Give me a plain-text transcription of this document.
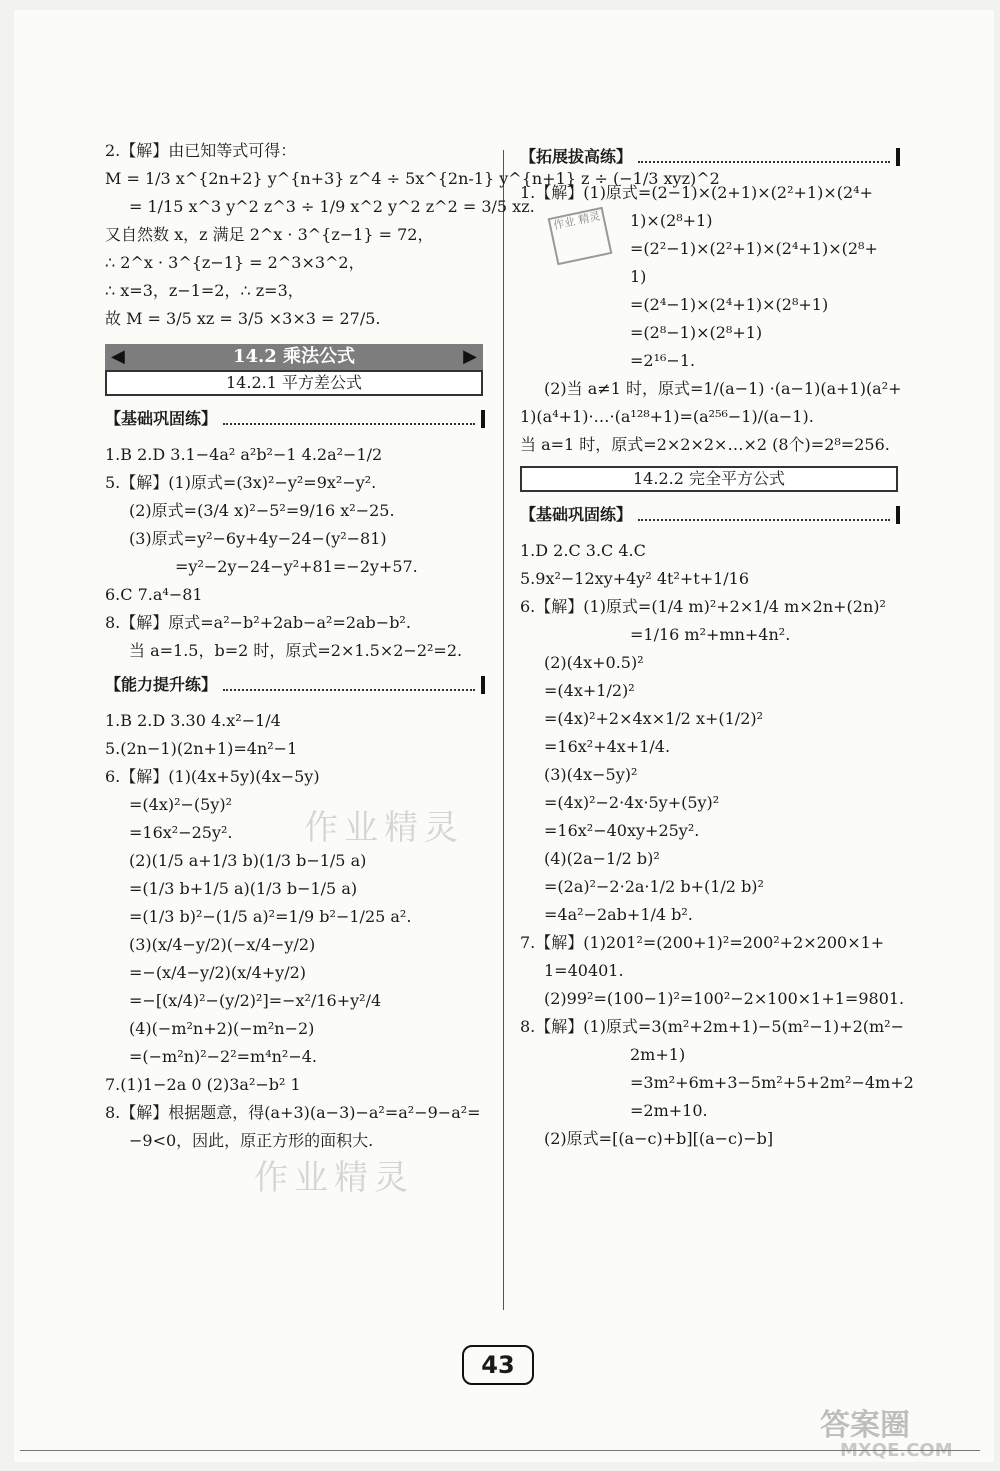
作业精灵
作业精灵
2.【解】由已知等式可得：
M = 1/3 x^{2n+2} y^{n+3} z^4 ÷ 5x^{2n-1} y^{n+1} z ÷ (−1/3 xyz)^2
= 1/15 x^3 y^2 z^3 ÷ 1/9 x^2 y^2 z^2 = 3/5 xz.
又自然数 x，z 满足 2^x · 3^{z−1} = 72，
∴ 2^x · 3^{z−1} = 2^3×3^2，
∴ x=3，z−1=2，∴ z=3，
故 M = 3/5 xz = 3/5 ×3×3 = 27/5.
◀	14.2 乘法公式	▶
14.2.1 平方差公式
【基础巩固练】
1.B 2.D 3.1−4a² a²b²−1 4.2a²−1/2
5.【解】(1)原式=(3x)²−y²=9x²−y².
(2)原式=(3/4 x)²−5²=9/16 x²−25.
(3)原式=y²−6y+4y−24−(y²−81)
=y²−2y−24−y²+81=−2y+57.
6.C 7.a⁴−81
8.【解】原式=a²−b²+2ab−a²=2ab−b².
当 a=1.5，b=2 时，原式=2×1.5×2−2²=2.
【能力提升练】
1.B 2.D 3.30 4.x²−1/4
5.(2n−1)(2n+1)=4n²−1
6.【解】(1)(4x+5y)(4x−5y)
=(4x)²−(5y)²
=16x²−25y².
(2)(1/5 a+1/3 b)(1/3 b−1/5 a)
=(1/3 b+1/5 a)(1/3 b−1/5 a)
=(1/3 b)²−(1/5 a)²=1/9 b²−1/25 a².
(3)(x/4−y/2)(−x/4−y/2)
=−(x/4−y/2)(x/4+y/2)
=−[(x/4)²−(y/2)²]=−x²/16+y²/4
(4)(−m²n+2)(−m²n−2)
=(−m²n)²−2²=m⁴n²−4.
7.(1)1−2a 0 (2)3a²−b² 1
8.【解】根据题意，得(a+3)(a−3)−a²=a²−9−a²=
−9<0，因此，原正方形的面积大.
【拓展拔高练】
1.【解】(1)原式=(2−1)×(2+1)×(2²+1)×(2⁴+
1)×(2⁸+1)
=(2²−1)×(2²+1)×(2⁴+1)×(2⁸+
1)
=(2⁴−1)×(2⁴+1)×(2⁸+1)
=(2⁸−1)×(2⁸+1)
=2¹⁶−1.
(2)当 a≠1 时，原式=1/(a−1) ·(a−1)(a+1)(a²+
1)(a⁴+1)·…·(a¹²⁸+1)=(a²⁵⁶−1)/(a−1).
当 a=1 时，原式=2×2×2×…×2 (8个)=2⁸=256.
14.2.2 完全平方公式
【基础巩固练】
1.D 2.C 3.C 4.C
5.9x²−12xy+4y² 4t²+t+1/16
6.【解】(1)原式=(1/4 m)²+2×1/4 m×2n+(2n)²
=1/16 m²+mn+4n².
(2)(4x+0.5)²
=(4x+1/2)²
=(4x)²+2×4x×1/2 x+(1/2)²
=16x²+4x+1/4.
(3)(4x−5y)²
=(4x)²−2·4x·5y+(5y)²
=16x²−40xy+25y².
(4)(2a−1/2 b)²
=(2a)²−2·2a·1/2 b+(1/2 b)²
=4a²−2ab+1/4 b².
7.【解】(1)201²=(200+1)²=200²+2×200×1+
1=40401.
(2)99²=(100−1)²=100²−2×100×1+1=9801.
8.【解】(1)原式=3(m²+2m+1)−5(m²−1)+2(m²−
2m+1)
=3m²+6m+3−5m²+5+2m²−4m+2
=2m+10.
(2)原式=[(a−c)+b][(a−c)−b]
作业 精灵
43
答案圈
MXQE.COM
